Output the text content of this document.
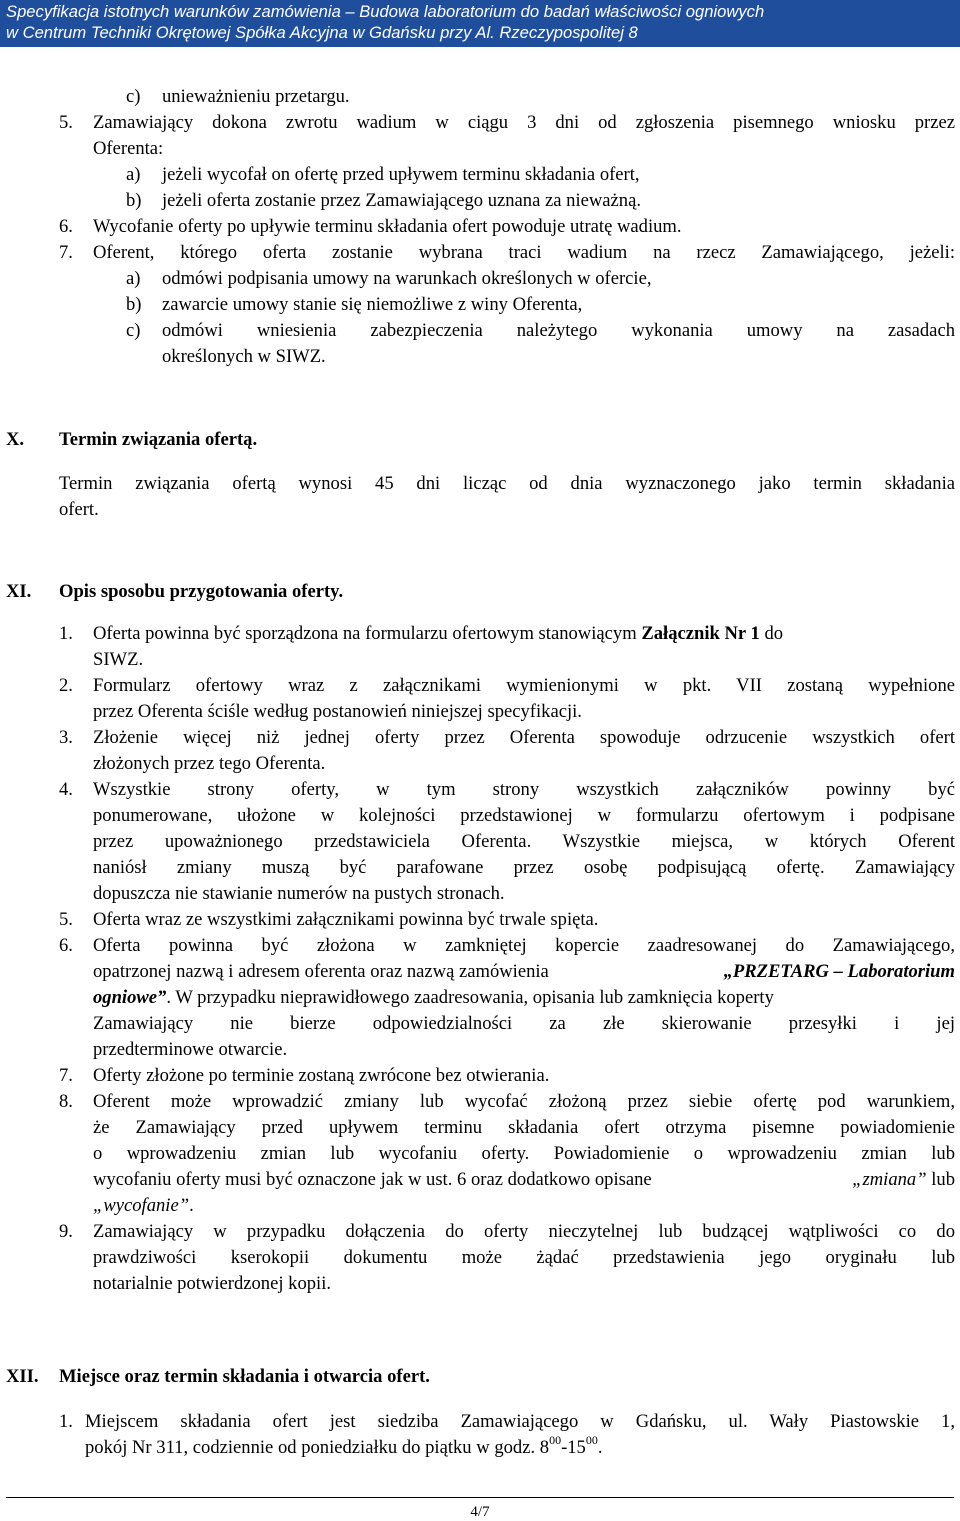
Specyfikacja istotnych warunków zamówienia – Budowa laboratorium do badań właściwości ogniowych
w Centrum Techniki Okrętowej Spółka Akcyjna w Gdańsku przy Al. Rzeczypospolitej 8
c) unieważnieniu przetargu.
5. Zamawiający dokona zwrotu wadium w ciągu 3 dni od zgłoszenia pisemnego wniosku przez
Oferenta:
a) jeżeli wycofał on ofertę przed upływem terminu składania ofert,
b) jeżeli oferta zostanie przez Zamawiającego uznana za nieważną.
6. Wycofanie oferty po upływie terminu składania ofert powoduje utratę wadium.
7. Oferent, którego oferta zostanie wybrana traci wadium na rzecz Zamawiającego, jeżeli:
a) odmówi podpisania umowy na warunkach określonych w ofercie,
b) zawarcie umowy stanie się niemożliwe z winy Oferenta,
c) odmówi wniesienia zabezpieczenia należytego wykonania umowy na zasadach
określonych w SIWZ.
X. Termin związania ofertą.
Termin związania ofertą wynosi 45 dni licząc od dnia wyznaczonego jako termin składania
ofert.
XI. Opis sposobu przygotowania oferty.
1. Oferta powinna być sporządzona na formularzu ofertowym stanowiącym Załącznik Nr 1 do
SIWZ.
2. Formularz ofertowy wraz z załącznikami wymienionymi w pkt. VII zostaną wypełnione
przez Oferenta ściśle według postanowień niniejszej specyfikacji.
3. Złożenie więcej niż jednej oferty przez Oferenta spowoduje odrzucenie wszystkich ofert
złożonych przez tego Oferenta.
4. Wszystkie strony oferty, w tym strony wszystkich załączników powinny być
ponumerowane, ułożone w kolejności przedstawionej w formularzu ofertowym i podpisane
przez upoważnionego przedstawiciela Oferenta. Wszystkie miejsca, w których Oferent
naniósł zmiany muszą być parafowane przez osobę podpisującą ofertę. Zamawiający
dopuszcza nie stawianie numerów na pustych stronach.
5. Oferta wraz ze wszystkimi załącznikami powinna być trwale spięta.
6. Oferta powinna być złożona w zamkniętej kopercie zaadresowanej do Zamawiającego,
opatrzonej nazwą i adresem oferenta oraz nazwą zamówienia	„PRZETARG – Laboratorium
ogniowe”. W przypadku nieprawidłowego zaadresowania, opisania lub zamknięcia koperty
Zamawiający nie bierze odpowiedzialności za złe skierowanie przesyłki i jej
przedterminowe otwarcie.
7. Oferty złożone po terminie zostaną zwrócone bez otwierania.
8. Oferent może wprowadzić zmiany lub wycofać złożoną przez siebie ofertę pod warunkiem,
że Zamawiający przed upływem terminu składania ofert otrzyma pisemne powiadomienie
o wprowadzeniu zmian lub wycofaniu oferty. Powiadomienie o wprowadzeniu zmian lub
wycofaniu oferty musi być oznaczone jak w ust. 6 oraz dodatkowo opisane	„zmiana” lub
„wycofanie”.
9. Zamawiający w przypadku dołączenia do oferty nieczytelnej lub budzącej wątpliwości co do
prawdziwości kserokopii dokumentu może żądać przedstawienia jego oryginału lub
notarialnie potwierdzonej kopii.
XII. Miejsce oraz termin składania i otwarcia ofert.
1. Miejscem składania ofert jest siedziba Zamawiającego w Gdańsku, ul. Wały Piastowskie 1,
pokój Nr 311, codziennie od poniedziałku do piątku w godz. $8^{00}-15^{00}$.
4/7
